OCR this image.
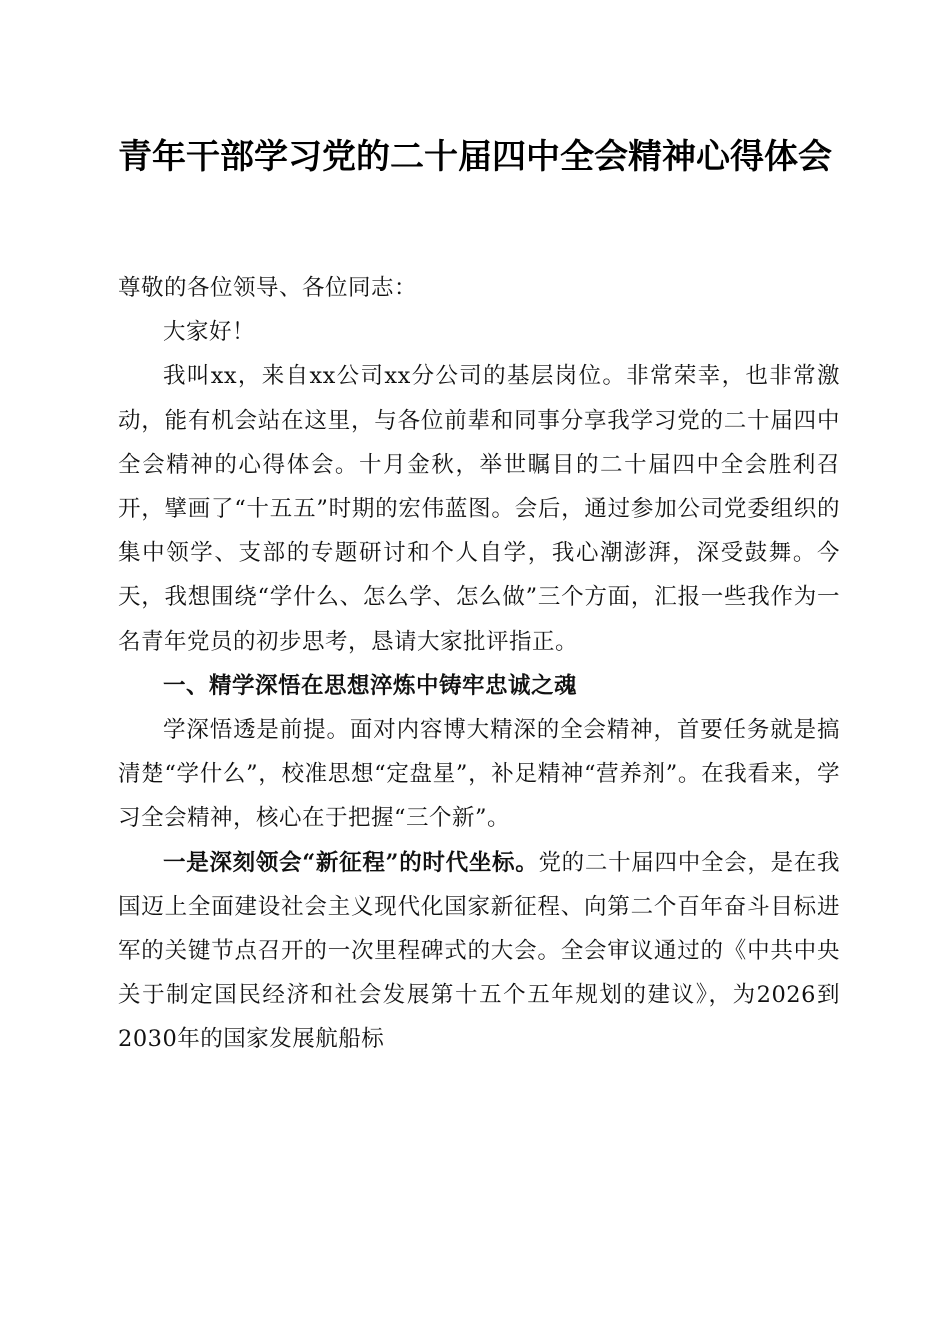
青年干部学习党的二十届四中全会精神心得体会

尊敬的各位领导、各位同志：

大家好！

我叫xx，来自xx公司xx分公司的基层岗位。非常荣幸，也非常激动，能有机会站在这里，与各位前辈和同事分享我学习党的二十届四中全会精神的心得体会。十月金秋，举世瞩目的二十届四中全会胜利召开，擘画了“十五五”时期的宏伟蓝图。会后，通过参加公司党委组织的集中领学、支部的专题研讨和个人自学，我心潮澎湃，深受鼓舞。今天，我想围绕“学什么、怎么学、怎么做”三个方面，汇报一些我作为一名青年党员的初步思考，恳请大家批评指正。

一、精学深悟在思想淬炼中铸牢忠诚之魂

学深悟透是前提。面对内容博大精深的全会精神，首要任务就是搞清楚“学什么”，校准思想“定盘星”，补足精神“营养剂”。在我看来，学习全会精神，核心在于把握“三个新”。

一是深刻领会“新征程”的时代坐标。党的二十届四中全会，是在我国迈上全面建设社会主义现代化国家新征程、向第二个百年奋斗目标进军的关键节点召开的一次里程碑式的大会。全会审议通过的《中共中央关于制定国民经济和社会发展第十五个五年规划的建议》，为2026到2030年的国家发展航船标
